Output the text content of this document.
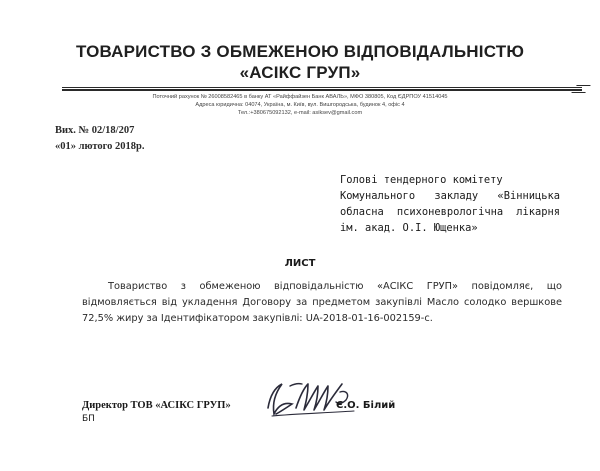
ТОВАРИСТВО З ОБМЕЖЕНОЮ ВІДПОВІДАЛЬНІСТЮ
«АСІКС ГРУП»
Поточний рахунок № 26008582465 в банку АТ «Райффайзен Банк АВАЛЬ», МФО 380805, Код ЄДРПОУ 41514045
Адреса юридична: 04074, Україна, м. Київ, вул. Вишгородська, будинок 4, офіс 4
Тел.:+380675092132, e-mail: asiksev@gmail.com
Вих. № 02/18/207
«01» лютого 2018р.
Голові тендерного комітету
Комунального закладу «Вінницька
обласна психоневрологічна лікарня
ім. акад. О.І. Ющенка»
ЛИСТ
Товариство з обмеженою відповідальністю «АСІКС ГРУП» повідомляє, що
відмовляється від укладення Договору за предметом закупівлі Масло солодко вершкове
72,5% жиру за Ідентифікатором закупівлі: UA-2018-01-16-002159-с.
Директор ТОВ «АСІКС ГРУП»	Є.О. Білий
БП
